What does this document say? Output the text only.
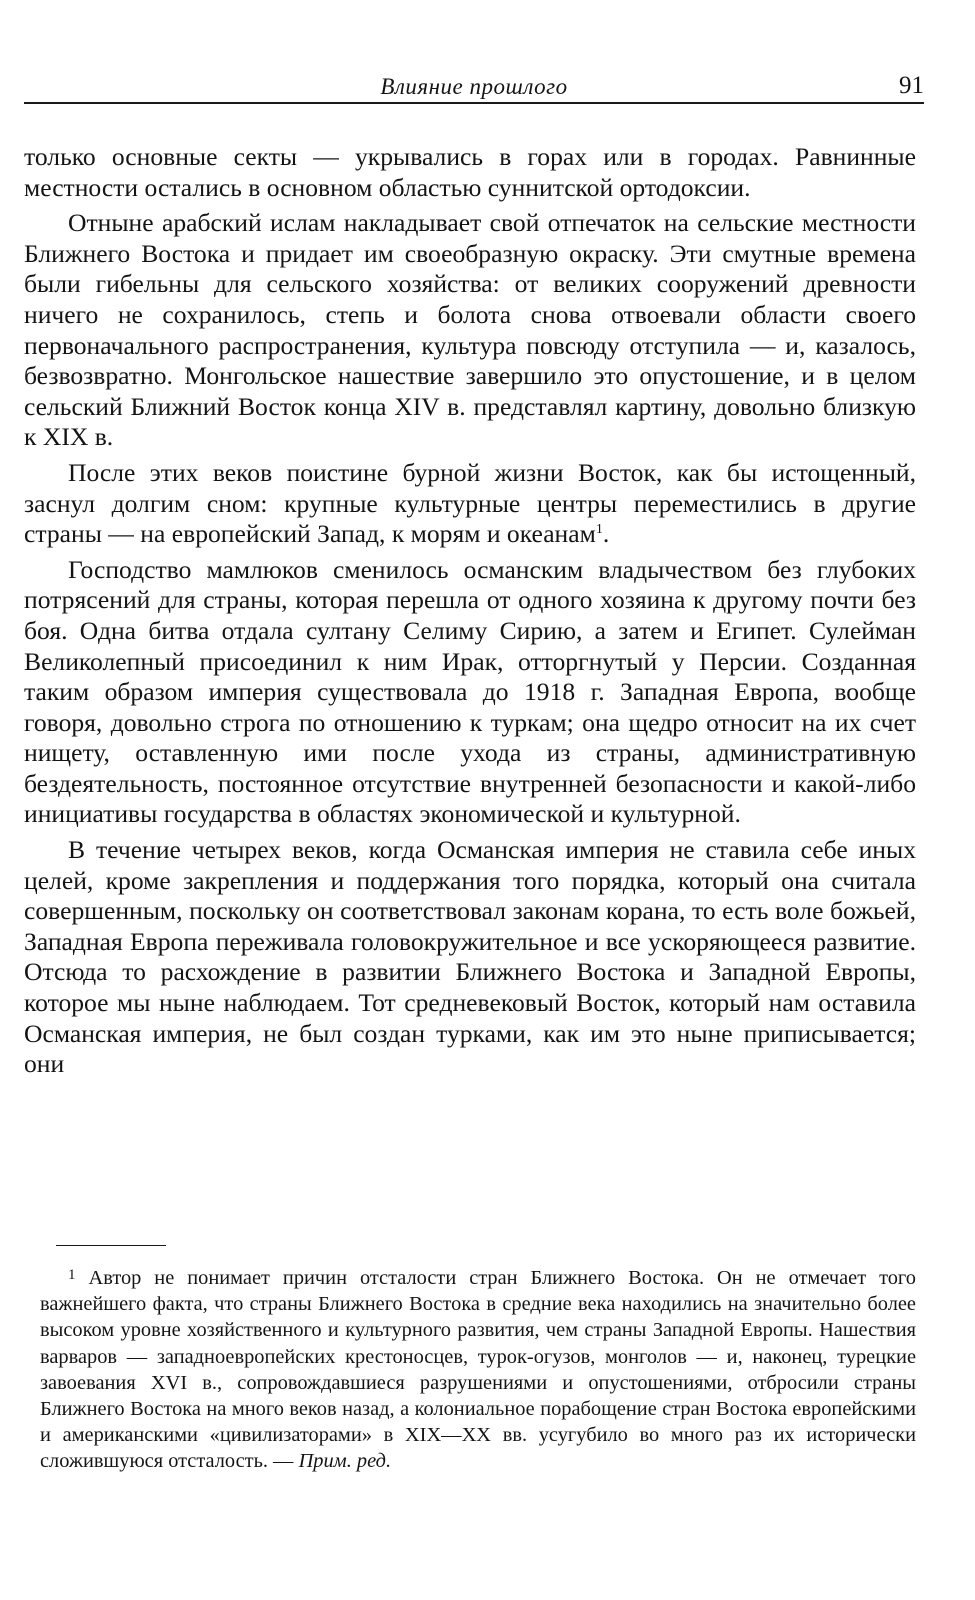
Влияние прошлого	91

только основные секты — укрывались в горах или в городах. Равнинные местности остались в основном областью суннитской ортодоксии.

Отныне арабский ислам накладывает свой отпечаток на сельские местности Ближнего Востока и придает им своеобразную окраску. Эти смутные времена были гибельны для сельского хозяйства: от великих сооружений древности ничего не сохранилось, степь и болота снова отвоевали области своего первоначального распространения, культура повсюду отступила — и, казалось, безвозвратно. Монгольское нашествие завершило это опустошение, и в целом сельский Ближний Восток конца XIV в. представлял картину, довольно близкую к XIX в.

После этих веков поистине бурной жизни Восток, как бы истощенный, заснул долгим сном: крупные культурные центры переместились в другие страны — на европейский Запад, к морям и океанам$^1$.

Господство мамлюков сменилось османским владычеством без глубоких потрясений для страны, которая перешла от одного хозяина к другому почти без боя. Одна битва отдала султану Селиму Сирию, а затем и Египет. Сулейман Великолепный присоединил к ним Ирак, отторгнутый у Персии. Созданная таким образом империя существовала до 1918 г. Западная Европа, вообще говоря, довольно строга по отношению к туркам; она щедро относит на их счет нищету, оставленную ими после ухода из страны, административную бездеятельность, постоянное отсутствие внутренней безопасности и какой-либо инициативы государства в областях экономической и культурной.

В течение четырех веков, когда Османская империя не ставила себе иных целей, кроме закрепления и поддержания того порядка, который она считала совершенным, поскольку он соответствовал законам корана, то есть воле божьей, Западная Европа переживала головокружительное и все ускоряющееся развитие. Отсюда то расхождение в развитии Ближнего Востока и Западной Европы, которое мы ныне наблюдаем. Тот средневековый Восток, который нам оставила Османская империя, не был создан турками, как им это ныне приписывается; они

$^1$ Автор не понимает причин отсталости стран Ближнего Востока. Он не отмечает того важнейшего факта, что страны Ближнего Востока в средние века находились на значительно более высоком уровне хозяйственного и культурного развития, чем страны Западной Европы. Нашествия варваров — западноевропейских крестоносцев, турок-огузов, монголов — и, наконец, турецкие завоевания XVI в., сопровождавшиеся разрушениями и опустошениями, отбросили страны Ближнего Востока на много веков назад, а колониальное порабощение стран Востока европейскими и американскими «цивилизаторами» в XIX—XX вв. усугубило во много раз их исторически сложившуюся отсталость. — Прим. ред.
